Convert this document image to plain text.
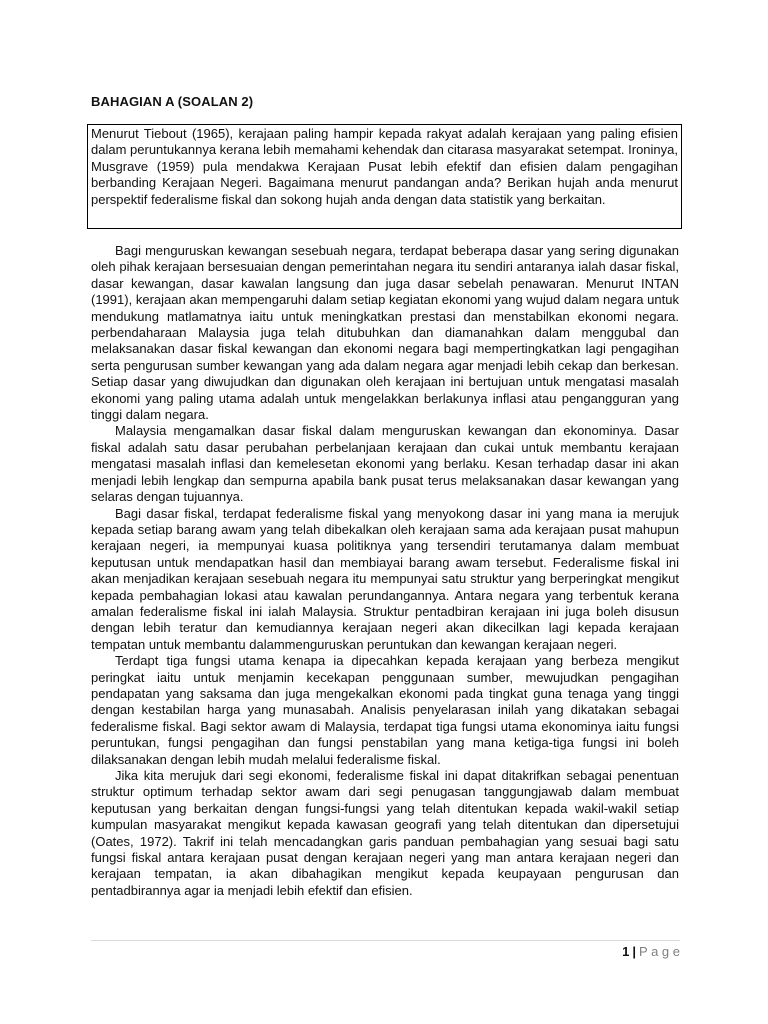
BAHAGIAN A (SOALAN 2)

Menurut Tiebout (1965), kerajaan paling hampir kepada rakyat adalah kerajaan yang paling efisien dalam peruntukannya kerana lebih memahami kehendak dan citarasa masyarakat setempat. Ironinya, Musgrave (1959) pula mendakwa Kerajaan Pusat lebih efektif dan efisien dalam pengagihan berbanding Kerajaan Negeri. Bagaimana menurut pandangan anda? Berikan hujah anda menurut perspektif federalisme fiskal dan sokong hujah anda dengan data statistik yang berkaitan.

Bagi menguruskan kewangan sesebuah negara, terdapat beberapa dasar yang sering digunakan oleh pihak kerajaan bersesuaian dengan pemerintahan negara itu sendiri antaranya ialah dasar fiskal, dasar kewangan, dasar kawalan langsung dan juga dasar sebelah penawaran. Menurut INTAN (1991), kerajaan akan mempengaruhi dalam setiap kegiatan ekonomi yang wujud dalam negara untuk mendukung matlamatnya iaitu untuk meningkatkan prestasi dan menstabilkan ekonomi negara. perbendaharaan Malaysia juga telah ditubuhkan dan diamanahkan dalam menggubal dan melaksanakan dasar fiskal kewangan dan ekonomi negara bagi mempertingkatkan lagi pengagihan serta pengurusan sumber kewangan yang ada dalam negara agar menjadi lebih cekap dan berkesan. Setiap dasar yang diwujudkan dan digunakan oleh kerajaan ini bertujuan untuk mengatasi masalah ekonomi yang paling utama adalah untuk mengelakkan berlakunya inflasi atau pengangguran yang tinggi dalam negara.

Malaysia mengamalkan dasar fiskal dalam menguruskan kewangan dan ekonominya. Dasar fiskal adalah satu dasar perubahan perbelanjaan kerajaan dan cukai untuk membantu kerajaan mengatasi masalah inflasi dan kemelesetan ekonomi yang berlaku. Kesan terhadap dasar ini akan menjadi lebih lengkap dan sempurna apabila bank pusat terus melaksanakan dasar kewangan yang selaras dengan tujuannya.

Bagi dasar fiskal, terdapat federalisme fiskal yang menyokong dasar ini yang mana ia merujuk kepada setiap barang awam yang telah dibekalkan oleh kerajaan sama ada kerajaan pusat mahupun kerajaan negeri, ia mempunyai kuasa politiknya yang tersendiri terutamanya dalam membuat keputusan untuk mendapatkan hasil dan membiayai barang awam tersebut. Federalisme fiskal ini akan menjadikan kerajaan sesebuah negara itu mempunyai satu struktur yang berperingkat mengikut kepada pembahagian lokasi atau kawalan perundangannya. Antara negara yang terbentuk kerana amalan federalisme fiskal ini ialah Malaysia. Struktur pentadbiran kerajaan ini juga boleh disusun dengan lebih teratur dan kemudiannya kerajaan negeri akan dikecilkan lagi kepada kerajaan tempatan untuk membantu dalammenguruskan peruntukan dan kewangan kerajaan negeri.

Terdapt tiga fungsi utama kenapa ia dipecahkan kepada kerajaan yang berbeza mengikut peringkat iaitu untuk menjamin kecekapan penggunaan sumber, mewujudkan pengagihan pendapatan yang saksama dan juga mengekalkan ekonomi pada tingkat guna tenaga yang tinggi dengan kestabilan harga yang munasabah. Analisis penyelarasan inilah yang dikatakan sebagai federalisme fiskal. Bagi sektor awam di Malaysia, terdapat tiga fungsi utama ekonominya iaitu fungsi peruntukan, fungsi pengagihan dan fungsi penstabilan yang mana ketiga-tiga fungsi ini boleh dilaksanakan dengan lebih mudah melalui federalisme fiskal.

Jika kita merujuk dari segi ekonomi, federalisme fiskal ini dapat ditakrifkan sebagai penentuan struktur optimum terhadap sektor awam dari segi penugasan tanggungjawab dalam membuat keputusan yang berkaitan dengan fungsi-fungsi yang telah ditentukan kepada wakil-wakil setiap kumpulan masyarakat mengikut kepada kawasan geografi yang telah ditentukan dan dipersetujui (Oates, 1972). Takrif ini telah mencadangkan garis panduan pembahagian yang sesuai bagi satu fungsi fiskal antara kerajaan pusat dengan kerajaan negeri yang man antara kerajaan negeri dan kerajaan tempatan, ia akan dibahagikan mengikut kepada keupayaan pengurusan dan pentadbirannya agar ia menjadi lebih efektif dan efisien.

1 | P a g e
